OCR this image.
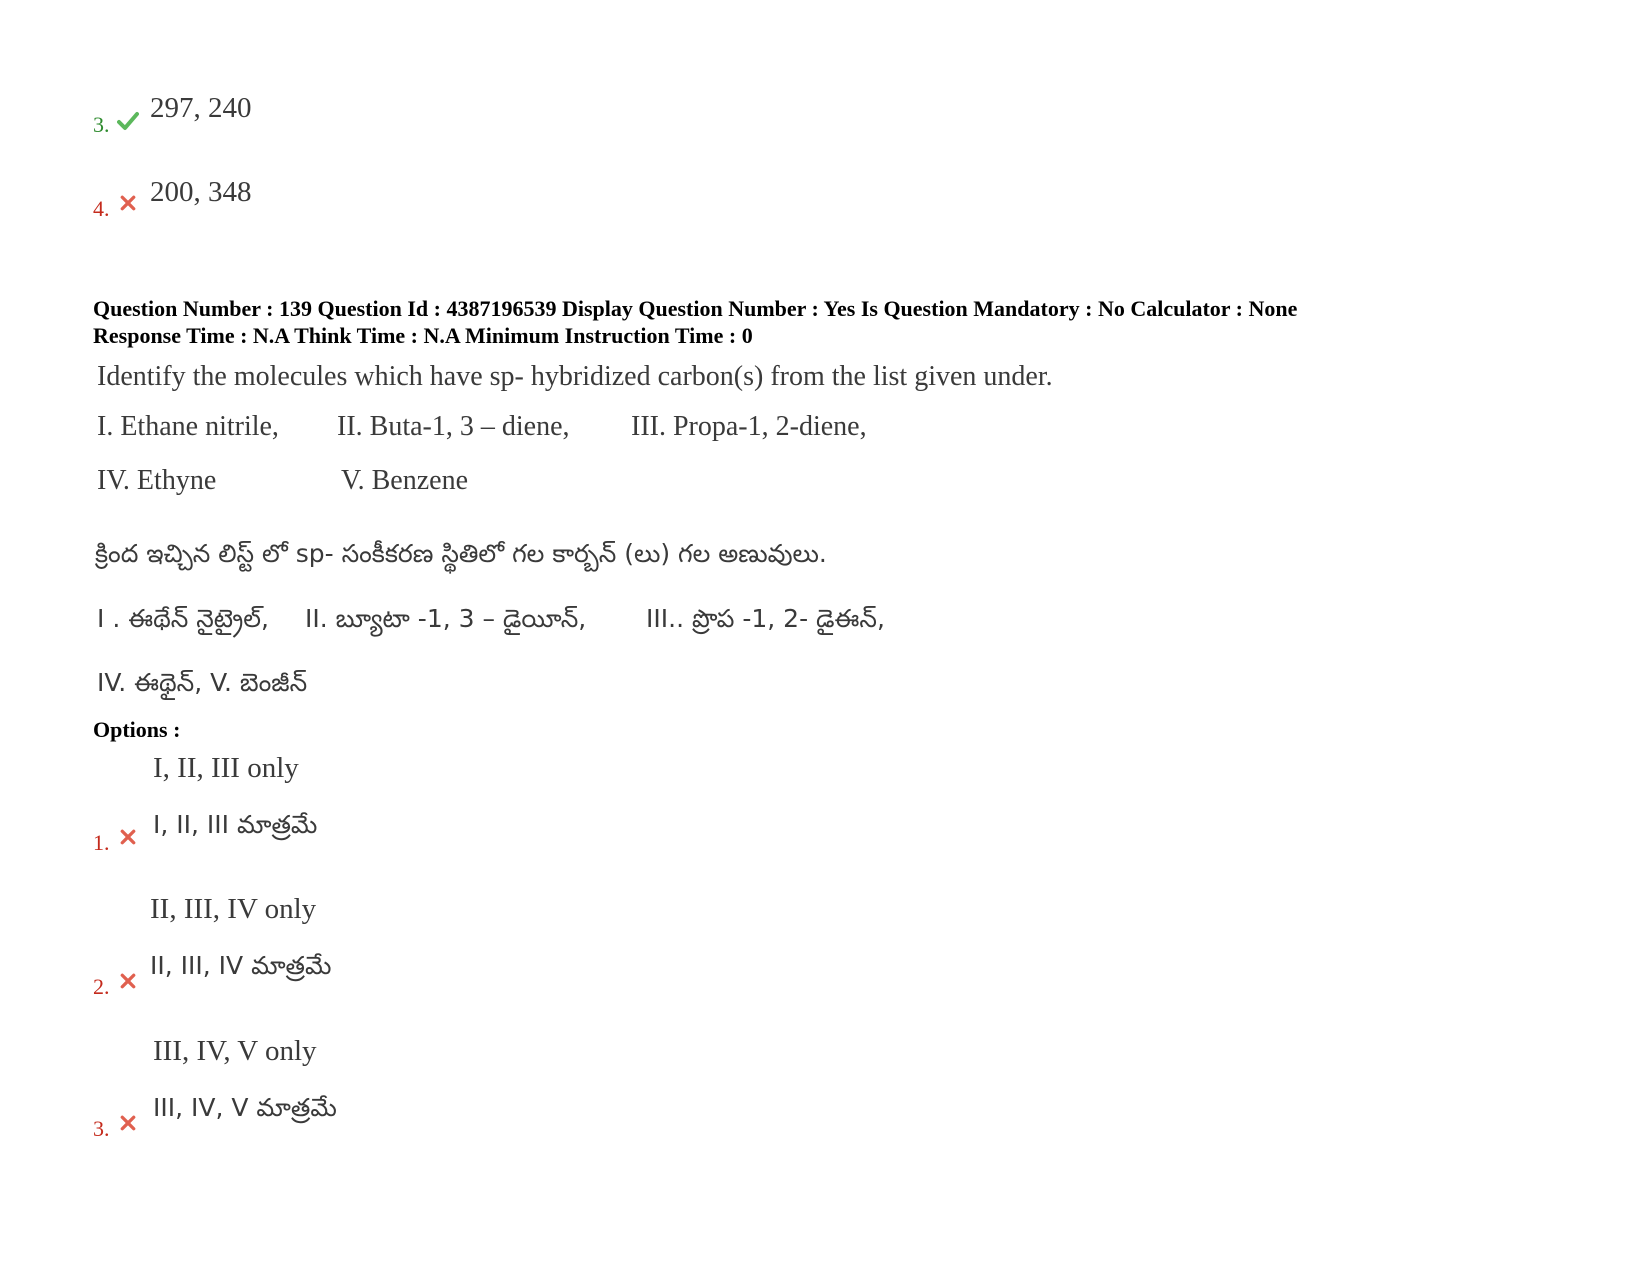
3.
297, 240
4.
200, 348
Question Number : 139 Question Id : 4387196539 Display Question Number : Yes Is Question Mandatory : No Calculator : None
Response Time : N.A Think Time : N.A Minimum Instruction Time : 0
Identify the molecules which have sp- hybridized carbon(s) from the list given under.
I. Ethane nitrile, II. Buta-1, 3 – diene, III. Propa-1, 2-diene,
IV. Ethyne	V. Benzene
క్రింద ఇచ్చిన లిస్ట్ లో sp- సంకీకరణ స్థితిలో గల కార్బన్ (లు) గల అణువులు.
I . ఈథేన్ నైట్రైల్, II. బ్యూటా -1, 3 – డైయీన్, III.. ప్రొప -1, 2- డైఈన్,
IV. ఈథైన్, V. బెంజీన్
Options :
I, II, III only
I, II, III మాత్రమే
1.
II, III, IV only
II, III, IV మాత్రమే
2.
III, IV, V only
III, IV, V మాత్రమే
3.
